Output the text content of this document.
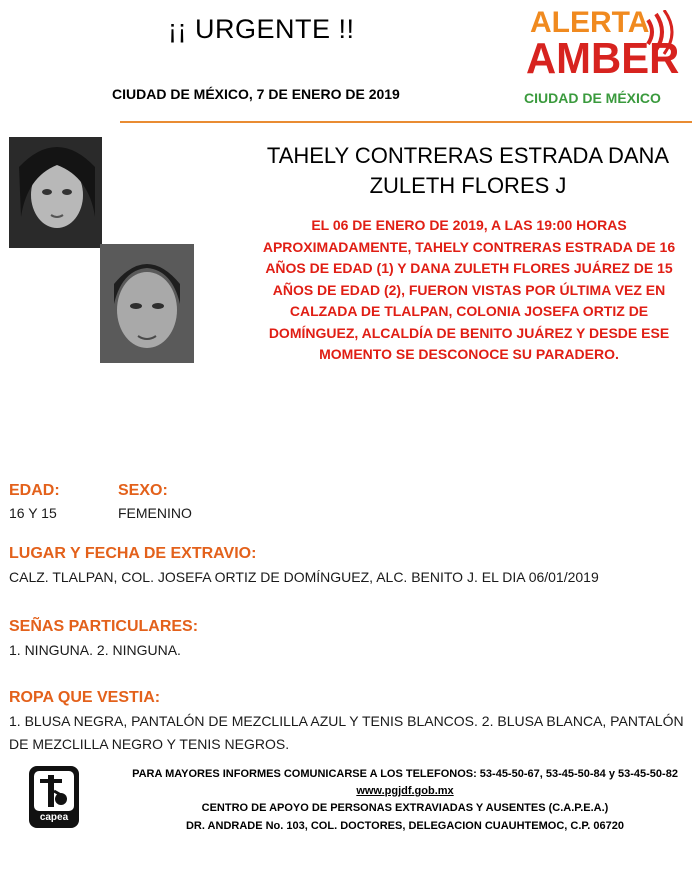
¡¡ URGENTE !!
CIUDAD DE MÉXICO, 7 DE ENERO DE 2019
ALERTA
AMBER
CIUDAD DE MÉXICO
TAHELY CONTRERAS ESTRADA DANA
ZULETH FLORES J
EL 06 DE ENERO DE 2019, A LAS 19:00 HORAS
APROXIMADAMENTE, TAHELY CONTRERAS ESTRADA DE 16
AÑOS DE EDAD (1) Y DANA ZULETH FLORES JUÁREZ DE 15
AÑOS DE EDAD (2), FUERON VISTAS POR ÚLTIMA VEZ EN
CALZADA DE TLALPAN, COLONIA JOSEFA ORTIZ DE
DOMÍNGUEZ, ALCALDÍA DE BENITO JUÁREZ Y DESDE ESE
MOMENTO SE DESCONOCE SU PARADERO.
EDAD:
16 Y 15
SEXO:
FEMENINO
LUGAR Y FECHA DE EXTRAVIO:
CALZ. TLALPAN, COL. JOSEFA ORTIZ DE DOMÍNGUEZ, ALC. BENITO J. EL DIA 06/01/2019
SEÑAS PARTICULARES:
1. NINGUNA. 2. NINGUNA.
ROPA QUE VESTIA:
1. BLUSA NEGRA, PANTALÓN DE MEZCLILLA AZUL Y TENIS BLANCOS. 2. BLUSA BLANCA, PANTALÓN
DE MEZCLILLA NEGRO Y TENIS NEGROS.
capea
PARA MAYORES INFORMES COMUNICARSE A LOS TELEFONOS: 53-45-50-67, 53-45-50-84 y 53-45-50-82
www.pgjdf.gob.mx
CENTRO DE APOYO DE PERSONAS EXTRAVIADAS Y AUSENTES (C.A.P.E.A.)
DR. ANDRADE No. 103, COL. DOCTORES, DELEGACION CUAUHTEMOC, C.P. 06720
